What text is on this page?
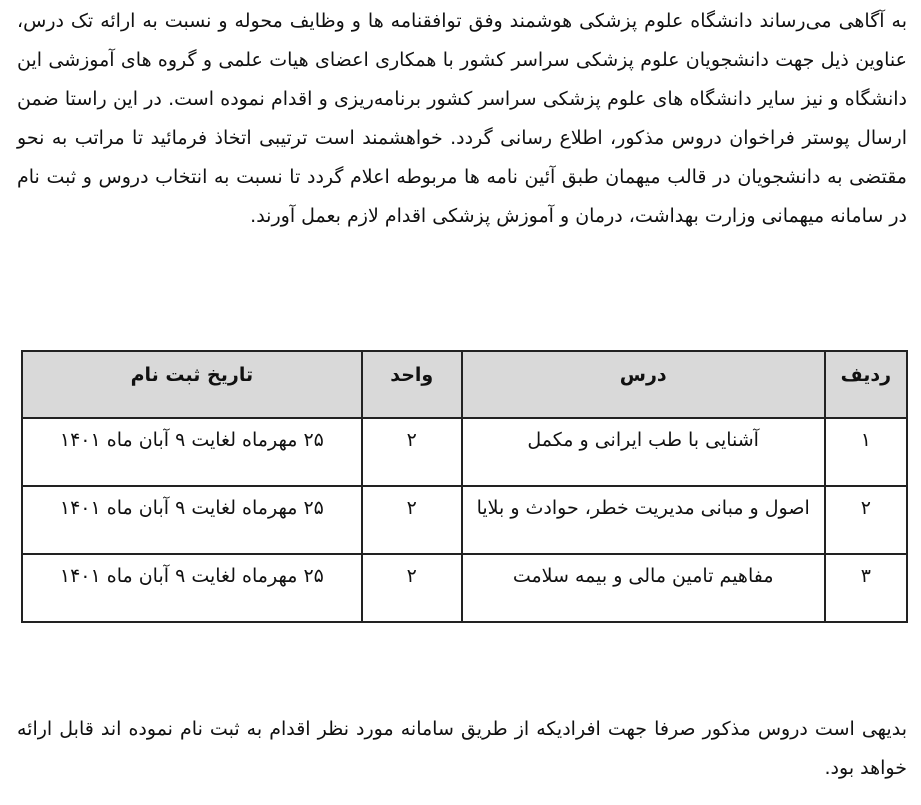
به آگاهی می‌رساند دانشگاه علوم پزشکی هوشمند وفق توافقنامه ها و وظایف محوله و نسبت به ارائه تک درس، عناوین ذیل جهت دانشجویان علوم پزشکی سراسر کشور با همکاری اعضای هیات علمی و گروه های آموزشی این دانشگاه و نیز سایر دانشگاه های علوم پزشکی سراسر کشور برنامه‌ریزی و اقدام نموده است. در این راستا ضمن ارسال پوستر فراخوان دروس مذکور، اطلاع رسانی گردد. خواهشمند است ترتیبی اتخاذ فرمائید تا مراتب به نحو مقتضی به دانشجویان در قالب میهمان طبق آئین نامه ها مربوطه اعلام گردد تا نسبت به انتخاب دروس و ثبت نام در سامانه میهمانی وزارت بهداشت، درمان و آموزش پزشکی اقدام لازم بعمل آورند.

ردیف	درس	واحد	تاریخ ثبت نام
۱	آشنایی با طب ایرانی و مکمل	۲	۲۵ مهرماه لغایت ۹ آبان ماه ۱۴۰۱
۲	اصول و مبانی مدیریت خطر، حوادث و بلایا	۲	۲۵ مهرماه لغایت ۹ آبان ماه ۱۴۰۱
۳	مفاهیم تامین مالی و بیمه سلامت	۲	۲۵ مهرماه لغایت ۹ آبان ماه ۱۴۰۱

بدیهی است دروس مذکور صرفا جهت افرادیکه از طریق سامانه مورد نظر اقدام به ثبت نام نموده اند قابل ارائه خواهد بود.
